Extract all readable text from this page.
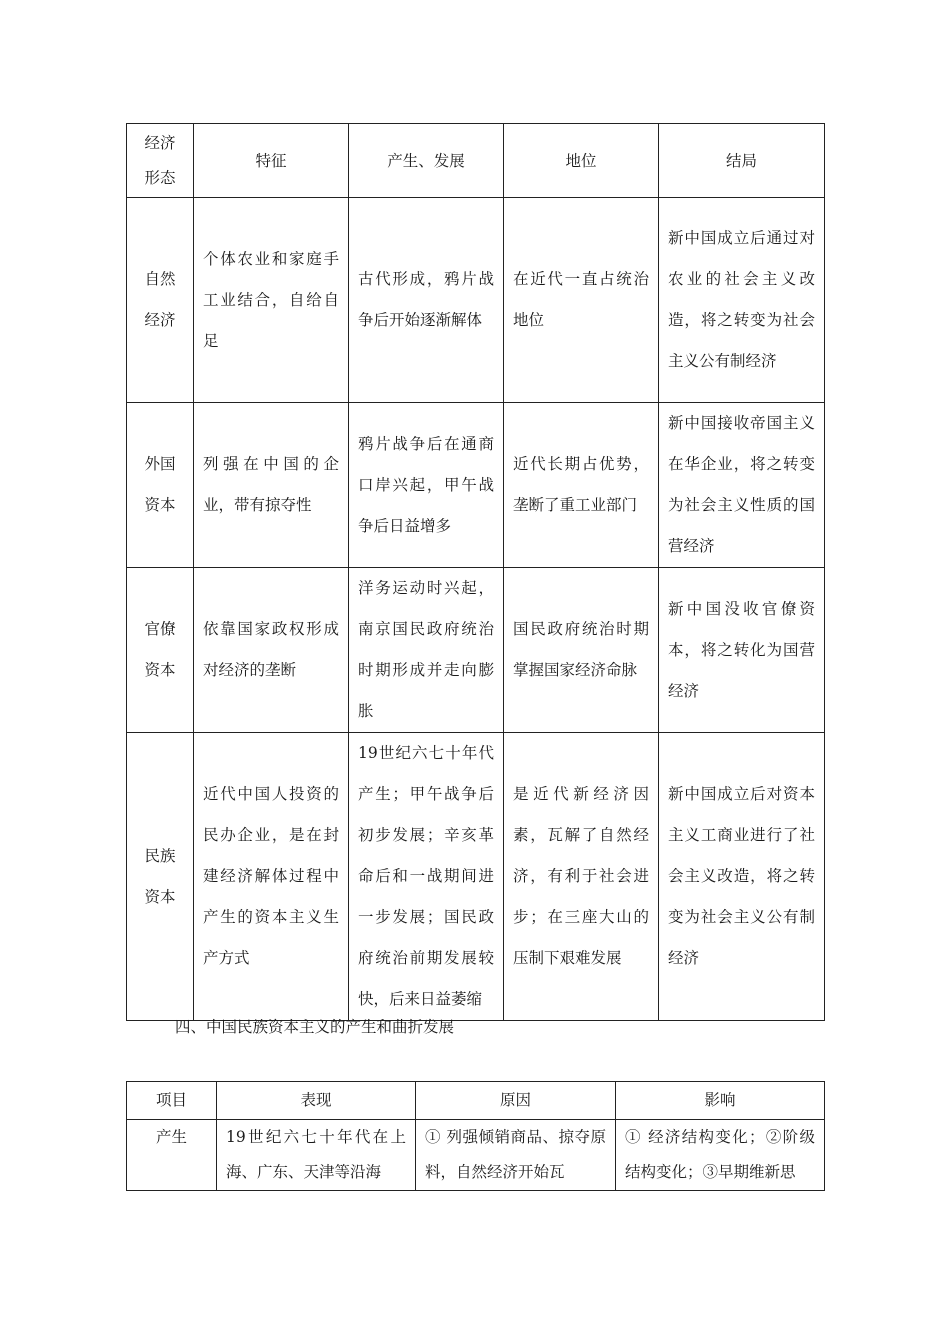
经济
形态	特征	产生、发展	地位	结局
自然
经济	个体农业和家庭手工业结合，自给自足	古代形成，鸦片战争后开始逐渐解体	在近代一直占统治地位	新中国成立后通过对农业的社会主义改造，将之转变为社会主义公有制经济
外国
资本	列强在中国的企业，带有掠夺性	鸦片战争后在通商口岸兴起，甲午战争后日益增多	近代长期占优势，垄断了重工业部门	新中国接收帝国主义在华企业，将之转变为社会主义性质的国营经济
官僚
资本	依靠国家政权形成对经济的垄断	洋务运动时兴起，南京国民政府统治时期形成并走向膨胀	国民政府统治时期掌握国家经济命脉	新中国没收官僚资本，将之转化为国营经济
民族
资本	近代中国人投资的民办企业，是在封建经济解体过程中产生的资本主义生产方式	19世纪六七十年代产生；甲午战争后初步发展；辛亥革命后和一战期间进一步发展；国民政府统治前期发展较快，后来日益萎缩	是近代新经济因素，瓦解了自然经济，有利于社会进步；在三座大山的压制下艰难发展	新中国成立后对资本主义工商业进行了社会主义改造，将之转变为社会主义公有制经济
四、中国民族资本主义的产生和曲折发展
项目	表现	原因	影响
产生	19世纪六七十年代在上海、广东、天津等沿海	① 列强倾销商品、掠夺原料，自然经济开始瓦	① 经济结构变化；②阶级结构变化；③早期维新思
